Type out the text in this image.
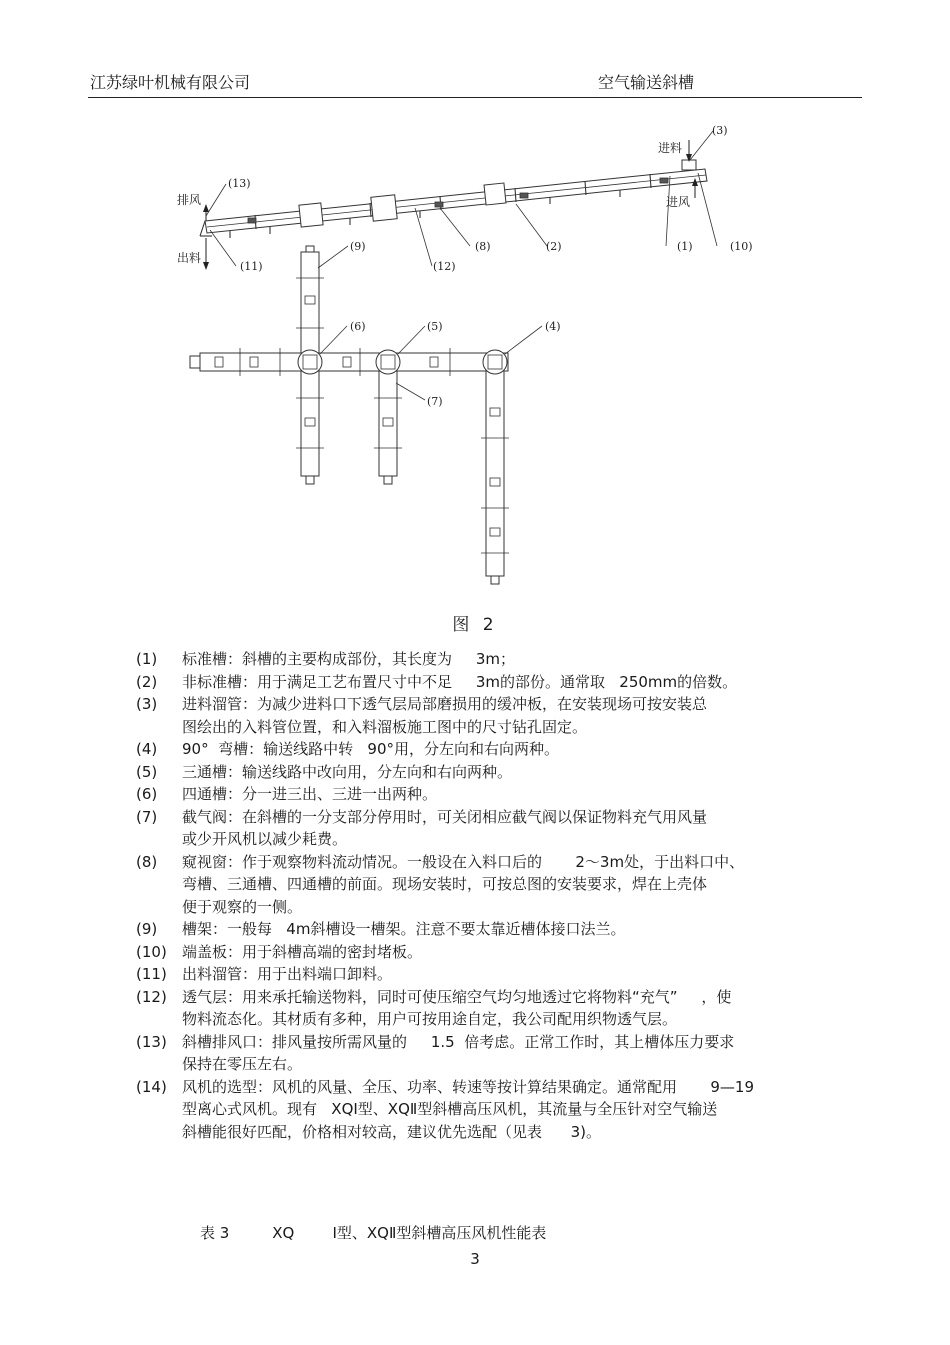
江苏绿叶机械有限公司	空气输送斜槽
(3)
(13)
(10)
(1)
(2)
(8)
(12)
(11)
(9)
(6)	(5)	(4)
(7)
排风
进料
进风
出料
图 2
(1)	标准槽：斜槽的主要构成部份，其长度为     3m；
(2)	非标准槽：用于满足工艺布置尺寸中不足     3m的部份。通常取   250mm的倍数。
(3)	进料溜管：为减少进料口下透气层局部磨损用的缓冲板，在安装现场可按安装总
图绘出的入料管位置，和入料溜板施工图中的尺寸钻孔固定。
(4)	90°  弯槽：输送线路中转   90°用，分左向和右向两种。
(5)	三通槽：输送线路中改向用，分左向和右向两种。
(6)	四通槽：分一进三出、三进一出两种。
(7)	截气阀：在斜槽的一分支部分停用时，可关闭相应截气阀以保证物料充气用风量
或少开风机以减少耗费。
(8)	窥视窗：作于观察物料流动情况。一般设在入料口后的       2～3m处，于出料口中、
弯槽、三通槽、四通槽的前面。现场安装时，可按总图的安装要求，焊在上壳体
便于观察的一侧。
(9)	槽架：一般每   4m斜槽设一槽架。注意不要太靠近槽体接口法兰。
(10)	端盖板：用于斜槽高端的密封堵板。
(11)	出料溜管：用于出料端口卸料。
(12)	透气层：用来承托输送物料，同时可使压缩空气均匀地透过它将物料“充气”     ，使
物料流态化。其材质有多种，用户可按用途自定，我公司配用织物透气层。
(13)	斜槽排风口：排风量按所需风量的     1.5  倍考虑。正常工作时，其上槽体压力要求
保持在零压左右。
(14)	风机的选型：风机的风量、全压、功率、转速等按计算结果确定。通常配用       9—19
型离心式风机。现有   XQⅠ型、XQⅡ型斜槽高压风机，其流量与全压针对空气输送
斜槽能很好匹配，价格相对较高，建议优先选配（见表      3)。
表 3         XQ        Ⅰ型、XQⅡ型斜槽高压风机性能表
3
